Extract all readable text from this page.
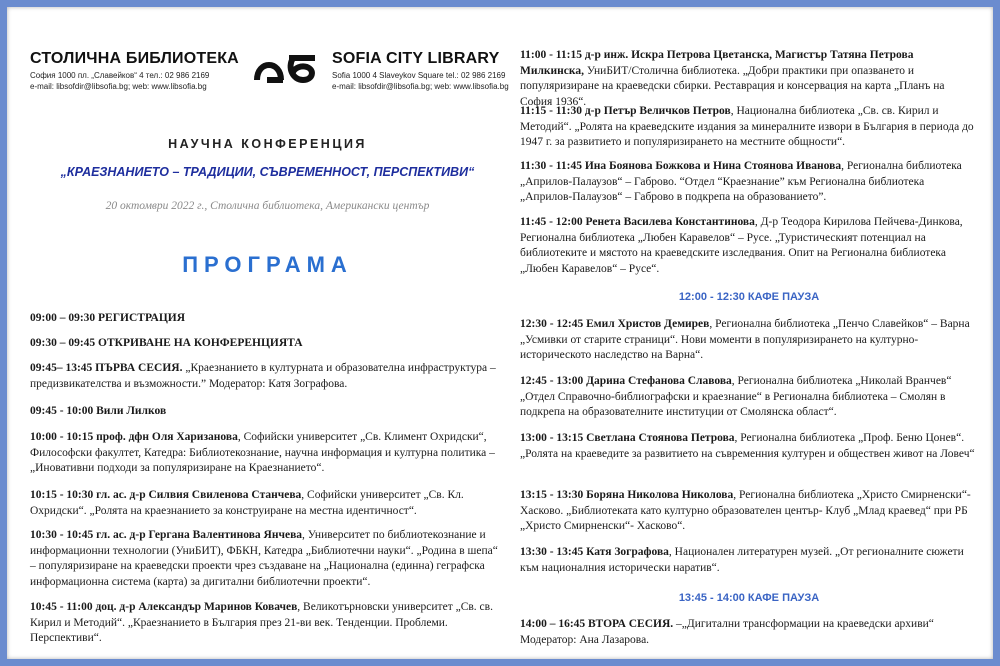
СТОЛИЧНА БИБЛИОТЕКА
София 1000 пл. „Славейков“ 4 тел.: 02 986 2169
e-mail: libsofdir@libsofia.bg; web: www.libsofia.bg
SOFIA CITY LIBRARY
Sofia 1000 4 Slaveykov Square tel.: 02 986 2169
e-mail: libsofdir@libsofia.bg; web: www.libsofia.bg
НАУЧНА КОНФЕРЕНЦИЯ
„КРАЕЗНАНИЕТО – ТРАДИЦИИ, СЪВРЕМЕННОСТ, ПЕРСПЕКТИВИ“
20 октомври 2022 г., Столична библиотека, Американски център
ПРОГРАМА
09:00 – 09:30 РЕГИСТРАЦИЯ
09:30 – 09:45 ОТКРИВАНЕ НА КОНФЕРЕНЦИЯТА
09:45– 13:45 ПЪРВА СЕСИЯ. „Краезнанието в културната и образователна инфраструктура – предизвикателства и възможности.” Модератор: Катя Зографова.
09:45 - 10:00 Вили Лилков
10:00 - 10:15 проф. дфн Оля Харизанова, Софийски университет „Св. Климент Охридски“, Философски факултет, Катедра: Библиотекознание, научна информация и културна политика – „Иновативни подходи за популяризиране на Краезнанието“.
10:15 - 10:30 гл. ас. д-р Силвия Свиленова Станчева, Софийски университет „Св. Кл. Охридски“. „Ролята на краезнанието за конструиране на местна идентичност“.
10:30 - 10:45 гл. ас. д-р Гергана Валентинова Янчева, Университет по библиотекознание и информационни технологии (УниБИТ), ФБКН, Катедра „Библиотечни науки“. „Родина в шепа“ – популяризиране на краеведски проекти чрез създаване на „Национална (единна) геграфска информационна система (карта) за дигитални библиотечни проекти“.
10:45 - 11:00 доц. д-р Александър Маринов Ковачев, Великотърновски университет „Св. св. Кирил и Методий“. „Краезнанието в България през 21-ви век. Тенденции. Проблеми. Перспективи“.
11:00 - 11:15 д-р инж. Искра Петрова Цветанска, Магистър Татяна Петрова Милкинска, УниБИТ/Столична библиотека. „Добри практики при опазването и популяризиране на краеведски сбирки. Реставрация и консервация на карта „Планъ на София 1936“.
11:15 - 11:30 д-р Петър Величков Петров, Национална библиотека „Св. св. Кирил и Методий“. „Ролята на краеведските издания за минералните извори в България в периода до 1947 г. за развитието и популяризирането на местните общности“.
11:30 - 11:45 Ина Боянова Божкова и Нина Стоянова Иванова, Регионална библиотека „Априлов-Палаузов“ – Габрово. “Отдел “Краезнание” към Регионална библиотека „Априлов-Палаузов“ – Габрово в подкрепа на образованието”.
11:45 - 12:00 Ренета Василева Константинова, Д-р Теодора Кирилова Пейчева-Динкова, Регионална библиотека „Любен Каравелов“ – Русе. „Туристическият потенциал на библиотеките и мястото на краеведските изследвания. Опит на Регионална библиотека „Любен Каравелов“ – Русе“.
12:00 - 12:30 КАФЕ ПАУЗА
12:30 - 12:45 Емил Христов Демирев, Регионална библиотека „Пенчо Славейков“ – Варна „Усмивки от старите страници“. Нови моменти в популяризирането на културно-историческото наследство на Варна“.
12:45 - 13:00 Дарина Стефанова Славова, Регионална библиотека „Николай Вранчев“ „Отдел Справочно-библиографски и краезнание“ в Регионална библиотека – Смолян в подкрепа на образователните институции от Смолянска област“.
13:00 - 13:15 Светлана Стоянова Петрова, Регионална библиотека „Проф. Беню Цонев“. „Ролята на краеведите за развитието на съвременния културен и обществен живот на Ловеч“
13:15 - 13:30 Боряна Николова Николова, Регионална библиотека „Христо Смирненски“- Хасково. „Библиотеката като културно образователен център- Клуб „Млад краевед“ при РБ „Христо Смирненски“- Хасково“.
13:30 - 13:45 Катя Зографова, Национален литературен музей. „От регионалните сюжети към националния исторически наратив“.
13:45 - 14:00 КАФЕ ПАУЗА
14:00 – 16:45 ВТОРА СЕСИЯ. –„Дигитални трансформации на краеведски архиви“ Модератор: Ана Лазарова.
